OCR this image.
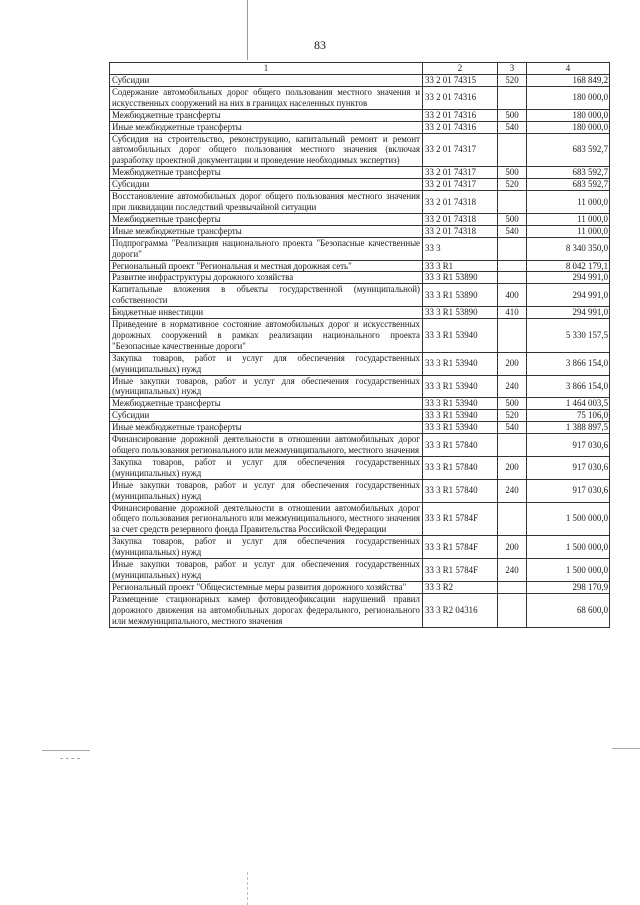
83
1	2	3	4
Субсидии	33 2 01 74315	520	168 849,2
Содержание автомобильных дорог общего пользования местного значения и искусственных сооружений на них в границах населенных пунктов	33 2 01 74316		180 000,0
Межбюджетные трансферты	33 2 01 74316	500	180 000,0
Иные межбюджетные трансферты	33 2 01 74316	540	180 000,0
Субсидия на строительство, реконструкцию, капитальный ремонт и ремонт автомобильных дорог общего пользования местного значения (включая разработку проектной документации и проведение необходимых экспертиз)	33 2 01 74317		683 592,7
Межбюджетные трансферты	33 2 01 74317	500	683 592,7
Субсидии	33 2 01 74317	520	683 592,7
Восстановление автомобильных дорог общего пользования местного значения при ликвидации последствий чрезвычайной ситуации	33 2 01 74318		11 000,0
Межбюджетные трансферты	33 2 01 74318	500	11 000,0
Иные межбюджетные трансферты	33 2 01 74318	540	11 000,0
Подпрограмма "Реализация национального проекта "Безопасные качественные дороги"	33 3		8 340 350,0
Региональный проект "Региональная и местная дорожная сеть"	33 3 R1		8 042 179,1
Развитие инфраструктуры дорожного хозяйства	33 3 R1 53890		294 991,0
Капитальные вложения в объекты государственной (муниципальной) собственности	33 3 R1 53890	400	294 991,0
Бюджетные инвестиции	33 3 R1 53890	410	294 991,0
Приведение в нормативное состояние автомобильных дорог и искусственных дорожных сооружений в рамках реализации национального проекта "Безопасные качественные дороги"	33 3 R1 53940		5 330 157,5
Закупка товаров, работ и услуг для обеспечения государственных (муниципальных) нужд	33 3 R1 53940	200	3 866 154,0
Иные закупки товаров, работ и услуг для обеспечения государственных (муниципальных) нужд	33 3 R1 53940	240	3 866 154,0
Межбюджетные трансферты	33 3 R1 53940	500	1 464 003,5
Субсидии	33 3 R1 53940	520	75 106,0
Иные межбюджетные трансферты	33 3 R1 53940	540	1 388 897,5
Финансирование дорожной деятельности в отношении автомобильных дорог общего пользования регионального или межмуниципального, местного значения	33 3 R1 57840		917 030,6
Закупка товаров, работ и услуг для обеспечения государственных (муниципальных) нужд	33 3 R1 57840	200	917 030,6
Иные закупки товаров, работ и услуг для обеспечения государственных (муниципальных) нужд	33 3 R1 57840	240	917 030,6
Финансирование дорожной деятельности в отношении автомобильных дорог общего пользования регионального или межмуниципального, местного значения за счет средств резервного фонда Правительства Российской Федерации	33 3 R1 5784F		1 500 000,0
Закупка товаров, работ и услуг для обеспечения государственных (муниципальных) нужд	33 3 R1 5784F	200	1 500 000,0
Иные закупки товаров, работ и услуг для обеспечения государственных (муниципальных) нужд	33 3 R1 5784F	240	1 500 000,0
Региональный проект "Общесистемные меры развития дорожного хозяйства"	33 3 R2		298 170,9
Размещение стационарных камер фотовидеофиксации нарушений правил дорожного движения на автомобильных дорогах федерального, регионального или межмуниципального, местного значения	33 3 R2 04316		68 600,0
